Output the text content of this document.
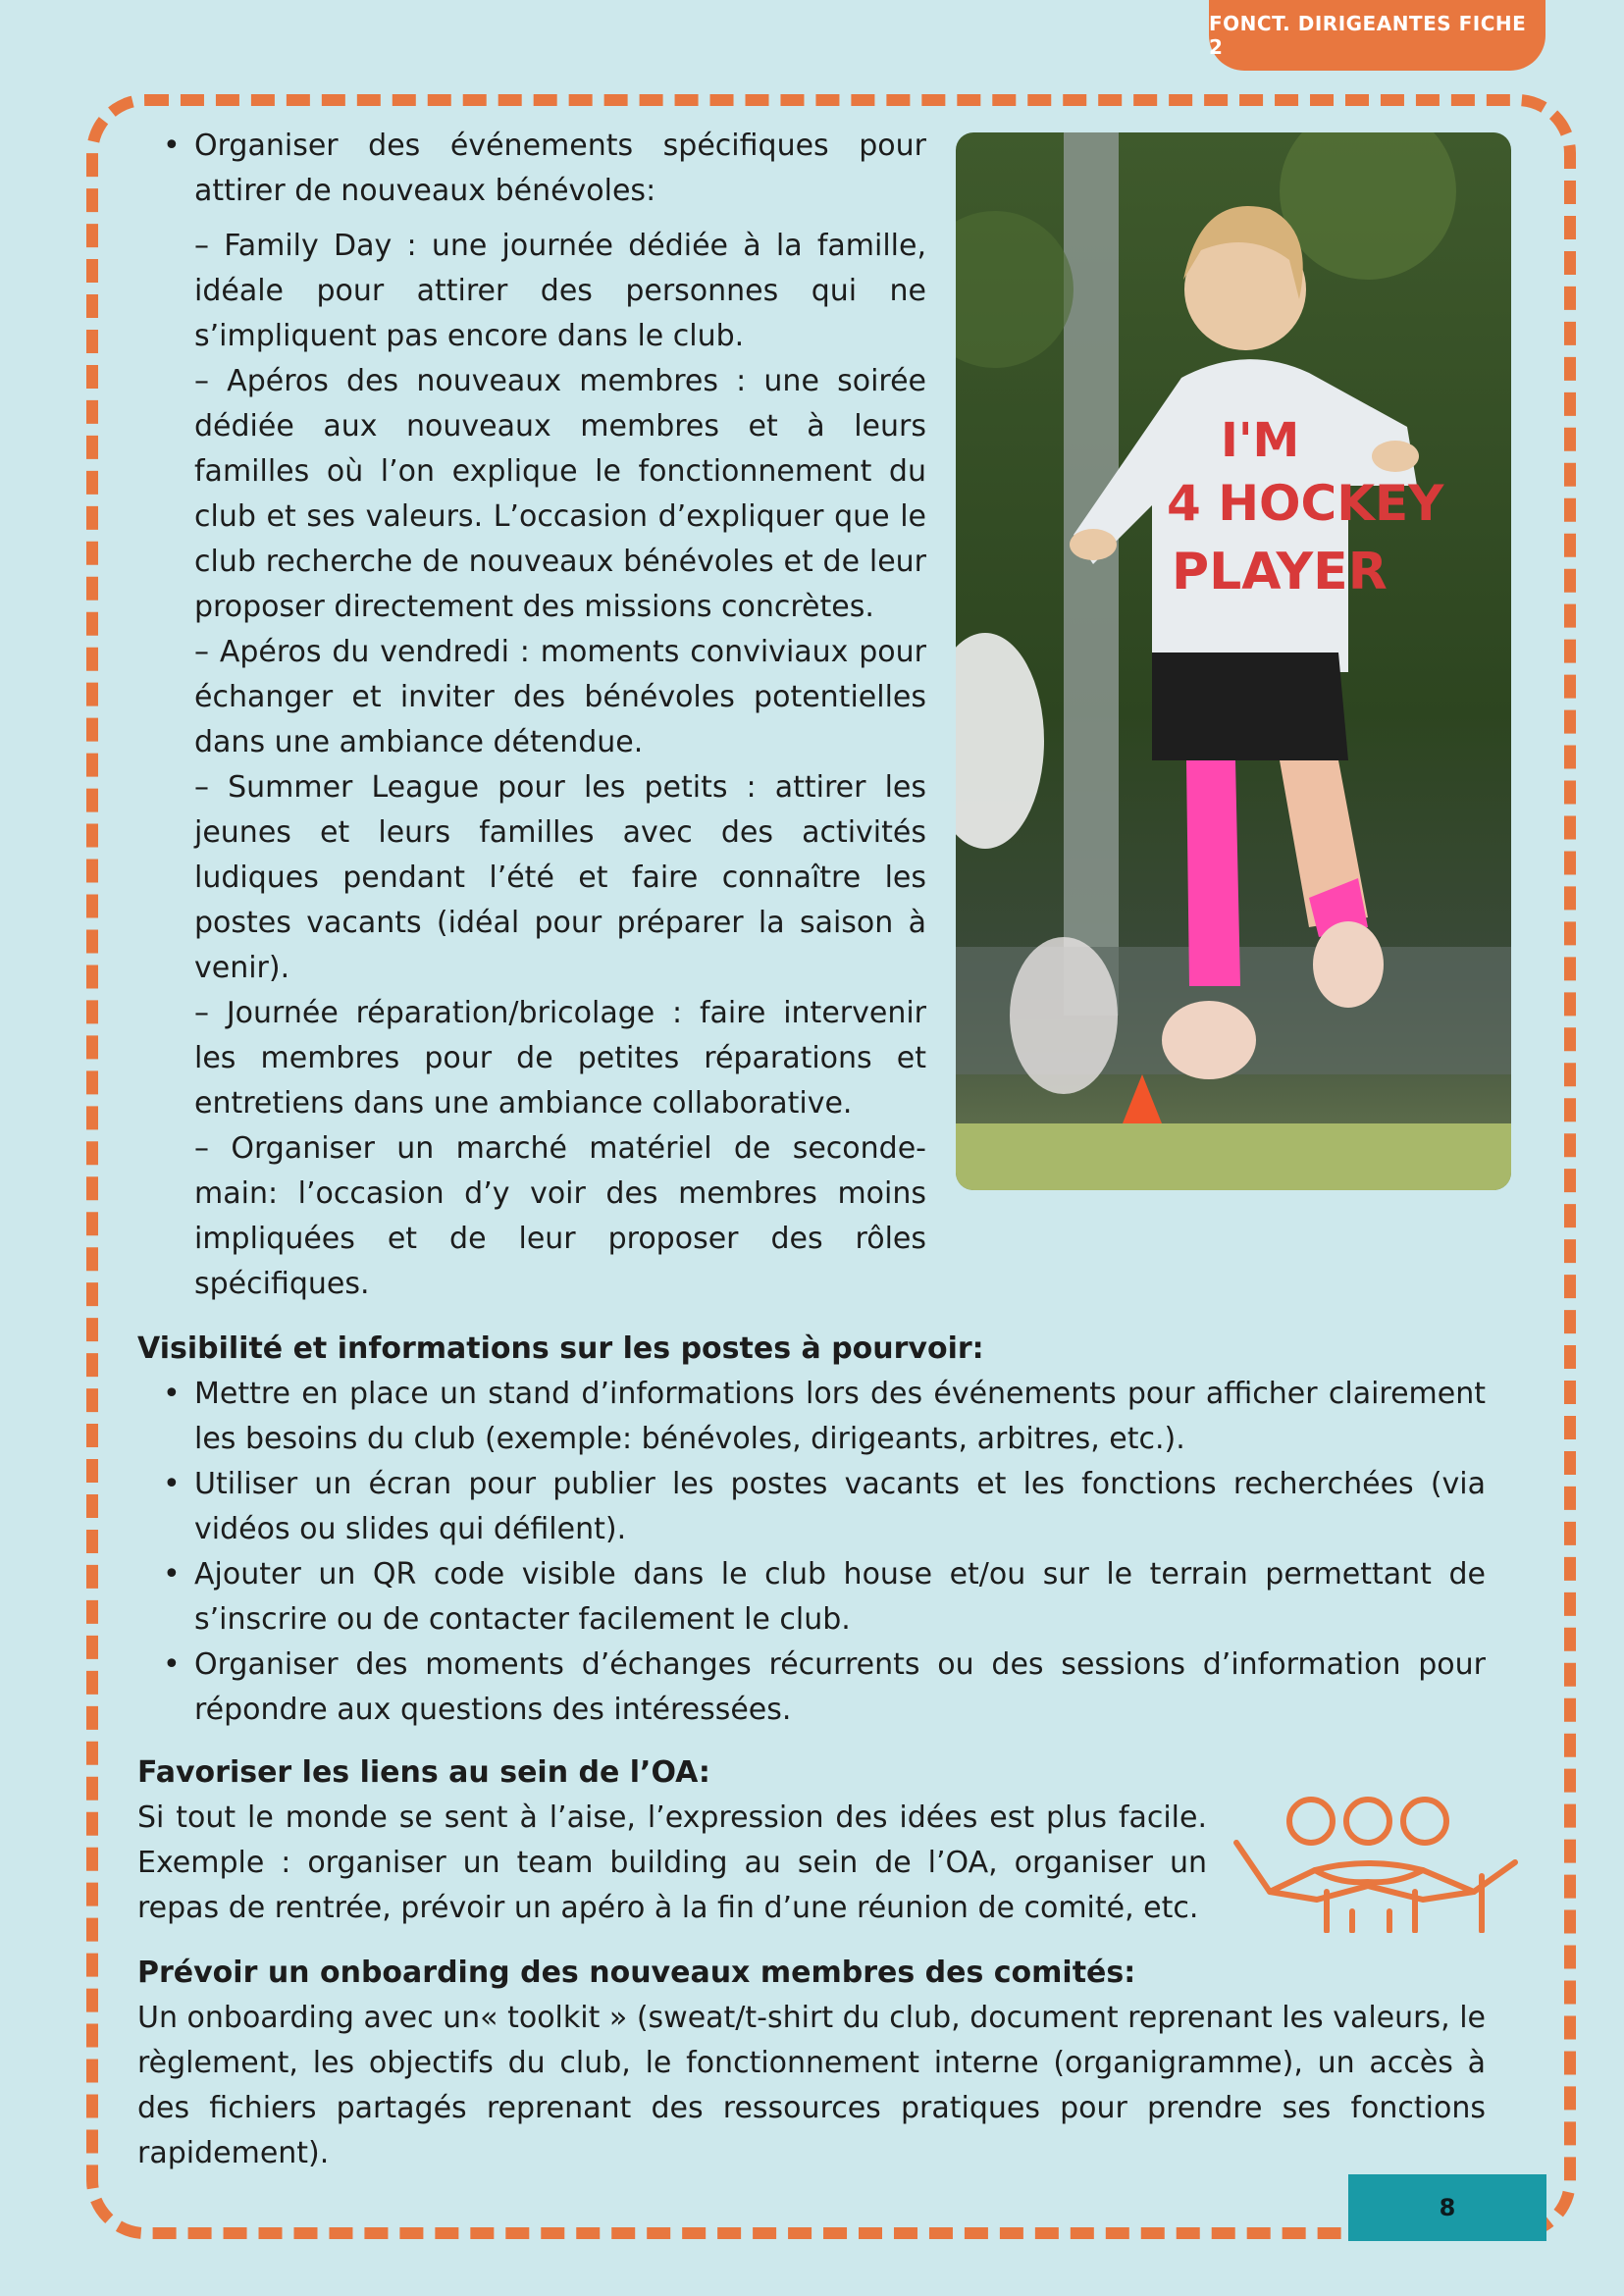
FONCT. DIRIGEANTES FICHE 2
• Organiser des événements spécifiques pour attirer de nouveaux bénévoles:

– Family Day : une journée dédiée à la famille, idéale pour attirer des personnes qui ne s’impliquent pas encore dans le club.

– Apéros des nouveaux membres : une soirée dédiée aux nouveaux membres et à leurs familles où l’on explique le fonctionnement du club et ses valeurs. L’occasion d’expliquer que le club recherche de nouveaux bénévoles et de leur proposer directement des missions concrètes.

– Apéros du vendredi : moments conviviaux pour échanger et inviter des bénévoles potentielles dans une ambiance détendue.

– Summer League pour les petits : attirer les jeunes et leurs familles avec des activités ludiques pendant l’été et faire connaître les postes vacants (idéal pour préparer la saison à venir).

– Journée réparation/bricolage : faire intervenir les membres pour de petites réparations et entretiens dans une ambiance collaborative.

– Organiser un marché matériel de seconde-main: l’occasion d’y voir des membres moins impliquées et de leur proposer des rôles spécifiques.

I'M
4 HOCKEY
PLAYER

Visibilité et informations sur les postes à pourvoir:

• Mettre en place un stand d’informations lors des événements pour afficher clairement les besoins du club (exemple: bénévoles, dirigeants, arbitres, etc.).
• Utiliser un écran pour publier les postes vacants et les fonctions recherchées (via vidéos ou slides qui défilent).
• Ajouter un QR code visible dans le club house et/ou sur le terrain permettant de s’inscrire ou de contacter facilement le club.
• Organiser des moments d’échanges récurrents ou des sessions d’information pour répondre aux questions des intéressées.

Favoriser les liens au sein de l’OA:

Si tout le monde se sent à l’aise, l’expression des idées est plus facile. Exemple : organiser un team building au sein de l’OA, organiser un repas de rentrée, prévoir un apéro à la fin d’une réunion de comité, etc.

Prévoir un onboarding des nouveaux membres des comités:

Un onboarding avec un« toolkit » (sweat/t-shirt du club, document reprenant les valeurs, le règlement, les objectifs du club, le fonctionnement interne (organigramme), un accès à des fichiers partagés reprenant des ressources pratiques pour prendre ses fonctions rapidement).

8
